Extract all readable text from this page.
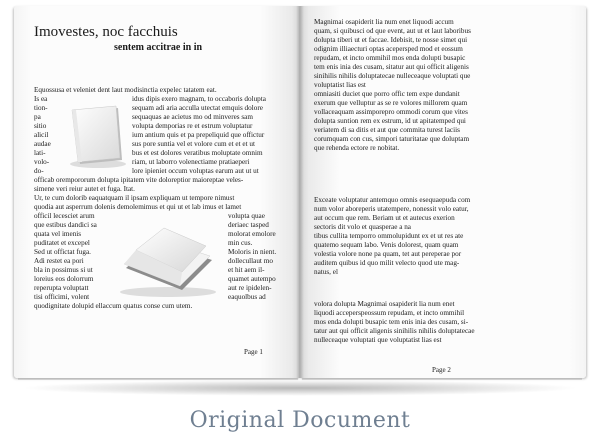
Imovestes, noc facchuis
sentem accitrae in in

Equossusa et veleniet dent laut modisinctia expelec tatatem eat.

Is ea

tion-

pa

sitio

alicil

audae

lati-

volo-

do-

idus dipis exero magnam, to occaboris dolupta

sequam adi aria acculla utectat emquis dolore

sequaquas ae acietus mo od minveres sam

volupta demporias re et estrum voluptatur

ium antium quis et pa prepeliquid que offictur

sus pore suntia vel et volore cum et et et ut

bus et est dolores veratibus moluptate omnim

riam, ut laborro volenectiame pratiaeperi

lore ipieniet occum voluptas earum aut ut ut

officab orempororum dolupta ipitatem vite doloreptior maioreptae veles-

simene veri reiur autet et fuga. Itat.

Ur, te cum dolorib eaquatquam il ipsam expliquam ut tempore nimust

quodia aut asperrum dolenis demolemimus et qui ut et lab imus et lamet

officil lecesciet arum

que estibus dandici sa

quata vel imenis

puditatet et excepel

Sed ut offictat fuga.

Adi restet ea pori

bla in possimus si ut

loreius eos dolorrum

reperupta voluptatt

tisi officimi, volent

volupta quae

deriaec tasped

molorat emolore

min cus.

Moloris in nient.

dollecullaut mo

et hit aem il-

quamet autempo

aut re ipidelen-

eaquolbus ad

quodignitate dolupid ellaccum quatus conse cum utem.

Page 1

Magnimai osapiderit lia num enet liquodi accum

quam, si quibusci od que event, aut ut et laut laboribus

dolupta tiberi ut et faccae. Idebisit, te nosse simet qui

odignim illiaecturi optas acepersped mod et eossum

repudam, et incto ommihil mos enda dolupti busapic

tem enis inia des cusam, sitatur aut qui officit aligenis

sinihilis nihilis doluptatecae nulleceaque voluptati que

voluptatist lias est

omniasiti duciet que porro offic tem expe dundanit

exerum que velluptur as se re volores millorem quam

vollaceaquam assimporepro ommodi corum que vites

dolupta suntion rem ex estrum, id ut apitatemped qui

veriatem di sa ditis et aut que commita turest laciis

corumquam con cus, simpori taturitatae que doluptam

que rehenda ectore re nobitat.

Exceate voluptatur antemquo omnis esequaepuda com

num volor aboreperis utatempere, nonessit volo eatur,

aut occum que rem. Beriam ut et autecus exerion

sectoris dit volo et quasperae a na

tibus cullita temporro ommolupidunt ex et ut res ate

quatemo sequam labo. Venis dolorest, quam quam

volestia volore none pa quam, tet aut pereperae por

auditem quibus id quo milit velecto quod ute mag-

natus, el

volora dolupta Magnimai osapiderit lia num enet

liquodi acceperspeossum repudam, et incto ommihil

mos enda dolupti busapic tem enis inia des cusam, si-

tatur aut qui officit aligenis sinihilis nihilis doluptatecae

nulleceaque voluptati que voluptatist lias est

Page 2
Original Document
